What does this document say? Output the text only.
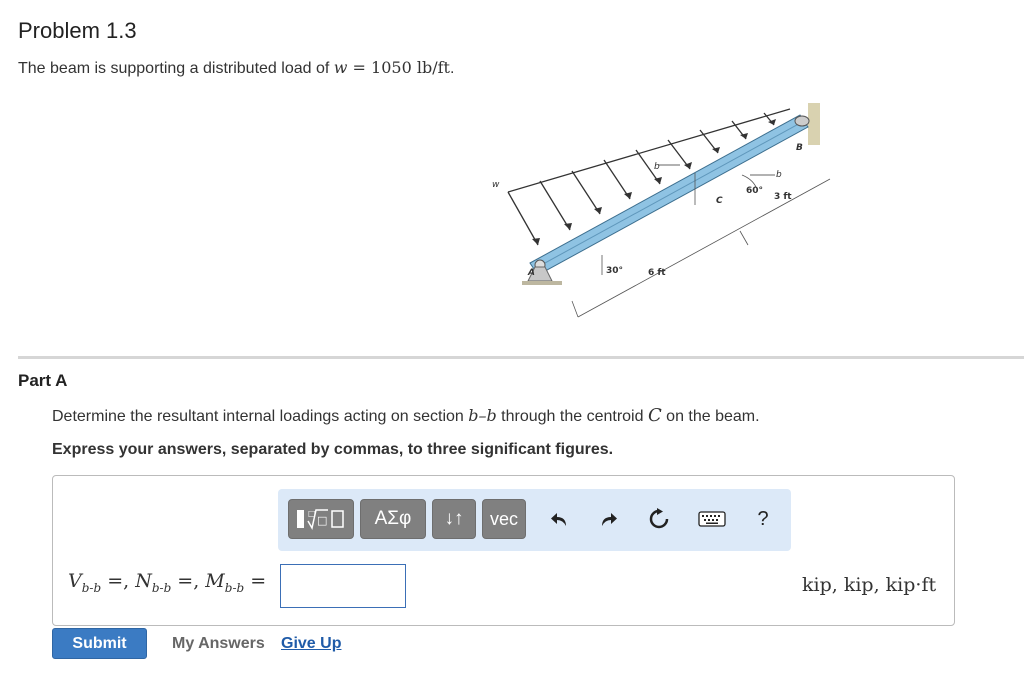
Problem 1.3
The beam is supporting a distributed load of w = 1050 lb/ft.
w
A
B
C
b
b
30°
60°
6 ft
3 ft
Part A
Determine the resultant internal loadings acting on section b–b through the centroid C on the beam.
Express your answers, separated by commas, to three significant figures.
□
□	ΑΣφ	↓↑	vec	?
$V_{b-b}$ =, $N_{b-b}$ =, $M_{b-b}$ =	kip, kip, kip·ft
Submit	My Answers Give Up
